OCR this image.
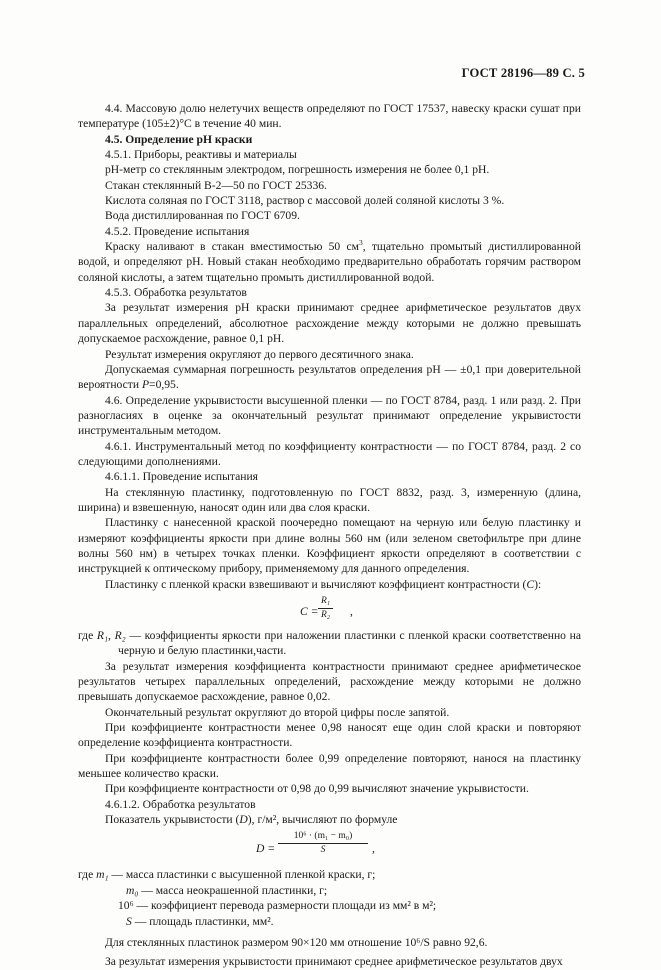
ГОСТ 28196—89 С. 5

4.4. Массовую долю нелетучих веществ определяют по ГОСТ 17537, навеску краски сушат при температуре (105±2)°С в течение 40 мин.

4.5. Определение pH краски

4.5.1. Приборы, реактивы и материалы

pH-метр со стеклянным электродом, погрешность измерения не более 0,1 pH.

Стакан стеклянный В-2—50 по ГОСТ 25336.

Кислота соляная по ГОСТ 3118, раствор с массовой долей соляной кислоты 3 %.

Вода дистиллированная по ГОСТ 6709.

4.5.2. Проведение испытания

Краску наливают в стакан вместимостью 50 $см^3$, тщательно промытый дистиллированной водой, и определяют pH. Новый стакан необходимо предварительно обработать горячим раствором соляной кислоты, а затем тщательно промыть дистиллированной водой.

4.5.3. Обработка результатов

За результат измерения pH краски принимают среднее арифметическое результатов двух параллельных определений, абсолютное расхождение между которыми не должно превышать допускаемое расхождение, равное 0,1 pH.

Результат измерения округляют до первого десятичного знака.

Допускаемая суммарная погрешность результатов определения pH — ±0,1 при доверительной вероятности Р=0,95.

4.6. Определение укрывистости высушенной пленки — по ГОСТ 8784, разд. 1 или разд. 2. При разногласиях в оценке за окончательный результат принимают определение укрывистости инструментальным методом.

4.6.1. Инструментальный метод по коэффициенту контрастности — по ГОСТ 8784, разд. 2 со следующими дополнениями.

4.6.1.1. Проведение испытания

На стеклянную пластинку, подготовленную по ГОСТ 8832, разд. 3, измеренную (длина, ширина) и взвешенную, наносят один или два слоя краски.

Пластинку с нанесенной краской поочередно помещают на черную или белую пластинку и измеряют коэффициенты яркости при длине волны 560 нм (или зеленом светофильтре при длине волны 560 нм) в четырех точках пленки. Коэффициент яркости определяют в соответствии с инструкцией к оптическому прибору, применяемому для данного определения.

Пластинку с пленкой краски взвешивают и вычисляют коэффициент контрастности (С):

$С = \frac{\text{R₁}}{\text{R₂}}$ ,

где R₁, R₂ — коэффициенты яркости при наложении пластинки с пленкой краски соответственно на черную и белую пластинки,части.

За результат измерения коэффициента контрастности принимают среднее арифметическое результатов четырех параллельных определений, расхождение между которыми не должно превышать допускаемое расхождение, равное 0,02.

Окончательный результат округляют до второй цифры после запятой.

При коэффициенте контрастности менее 0,98 наносят еще один слой краски и повторяют определение коэффициента контрастности.

При коэффициенте контрастности более 0,99 определение повторяют, нанося на пластинку меньшее количество краски.

При коэффициенте контрастности от 0,98 до 0,99 вычисляют значение укрывистости.

4.6.1.2. Обработка результатов

Показатель укрывистости (D), г/м², вычисляют по формуле

$D = \frac{\text{10⁶ · (m₁ − m₀)}}{S}$ ,

где m₁ — масса пластинки с высушенной пленкой краски, г;

m₀ — масса неокрашенной пластинки, г;

10⁶ — коэффициент перевода размерности площади из мм² в м²;

S — площадь пластинки, мм².

Для стеклянных пластинок размером 90×120 мм отношение 10⁶/S равно 92,6.

За результат измерения укрывистости принимают среднее арифметическое результатов двух
